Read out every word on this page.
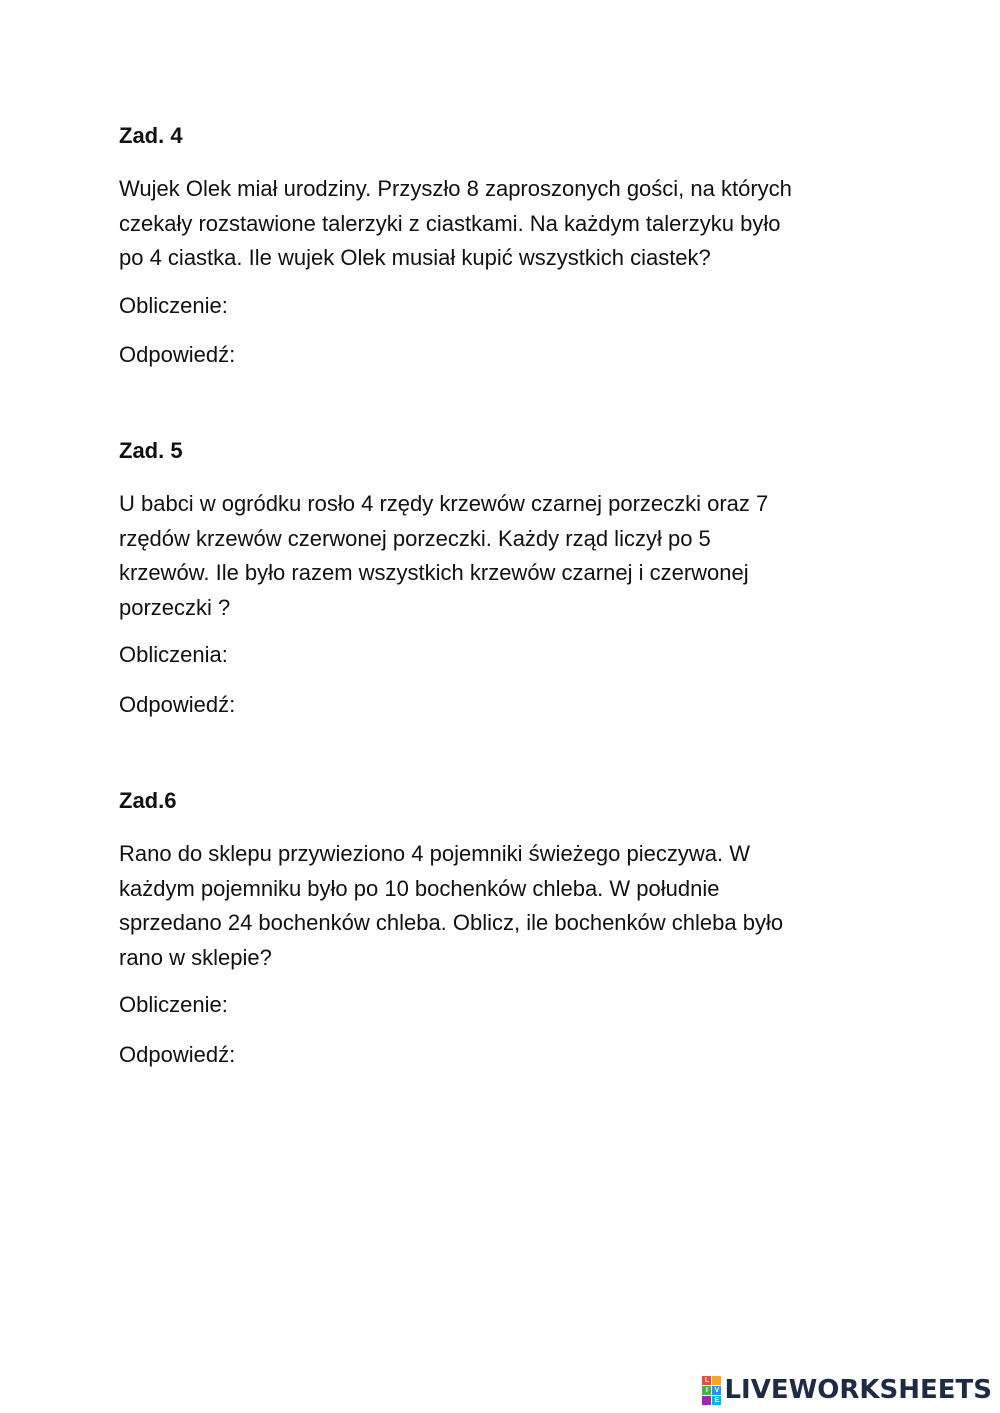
Zad. 4
Wujek Olek miał urodziny. Przyszło 8 zaproszonych gości, na których
czekały rozstawione talerzyki z ciastkami. Na każdym talerzyku było
po 4 ciastka. Ile wujek Olek musiał kupić wszystkich ciastek?
Obliczenie:
Odpowiedź:
Zad. 5
U babci w ogródku rosło 4 rzędy krzewów czarnej porzeczki oraz 7
rzędów krzewów czerwonej porzeczki. Każdy rząd liczył po 5
krzewów. Ile było razem wszystkich krzewów czarnej i czerwonej
porzeczki ?
Obliczenia:
Odpowiedź:
Zad.6
Rano do sklepu przywieziono 4 pojemniki świeżego pieczywa. W
każdym pojemniku było po 10 bochenków chleba. W południe
sprzedano 24 bochenków chleba. Oblicz, ile bochenków chleba było
rano w sklepie?
Obliczenie:
Odpowiedź:
L
I V
E LIVEWORKSHEETS
